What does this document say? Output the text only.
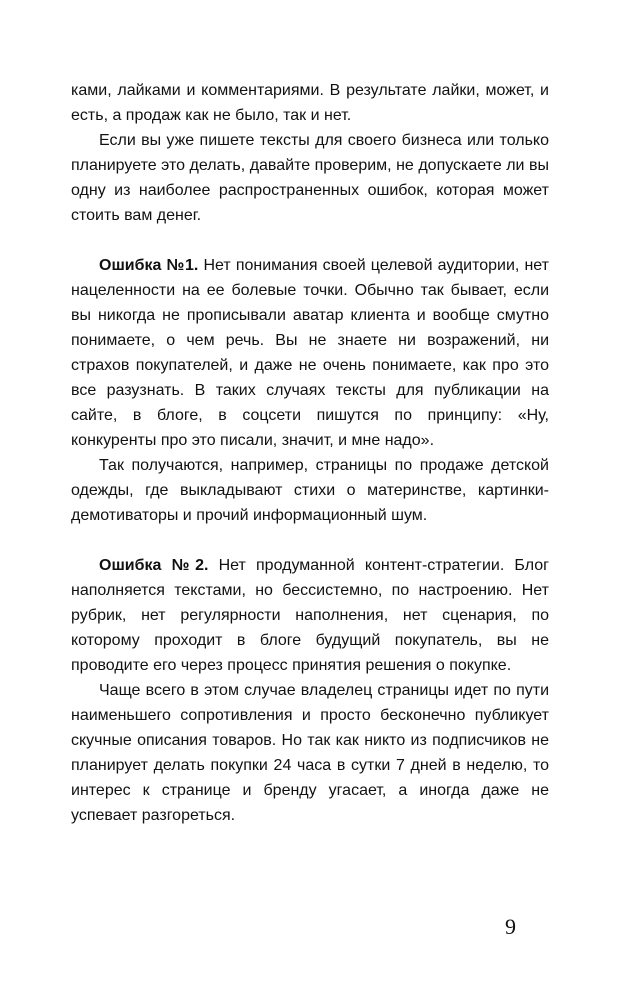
ками, лайками и комментариями. В результате лайки, может, и есть, а продаж как не было, так и нет.

Если вы уже пишете тексты для своего бизнеса или только планируете это делать, давайте проверим, не допускаете ли вы одну из наиболее распространенных ошибок, которая может стоить вам денег.

Ошибка №1. Нет понимания своей целевой аудитории, нет нацеленности на ее болевые точки. Обычно так бывает, если вы никогда не прописывали аватар клиента и вообще смутно понимаете, о чем речь. Вы не знаете ни возражений, ни страхов покупателей, и даже не очень понимаете, как про это все разузнать. В таких случаях тексты для публикации на сайте, в блоге, в соцсети пишутся по принципу: «Ну, конкуренты про это писали, значит, и мне надо».

Так получаются, например, страницы по продаже детской одежды, где выкладывают стихи о материнстве, картинки-демотиваторы и прочий информационный шум.

Ошибка №2. Нет продуманной контент-стратегии. Блог наполняется текстами, но бессистемно, по настроению. Нет рубрик, нет регулярности наполнения, нет сценария, по которому проходит в блоге будущий покупатель, вы не проводите его через процесс принятия решения о покупке.

Чаще всего в этом случае владелец страницы идет по пути наименьшего сопротивления и просто бесконечно публикует скучные описания товаров. Но так как никто из подписчиков не планирует делать покупки 24 часа в сутки 7 дней в неделю, то интерес к странице и бренду угасает, а иногда даже не успевает разгореться.

9
